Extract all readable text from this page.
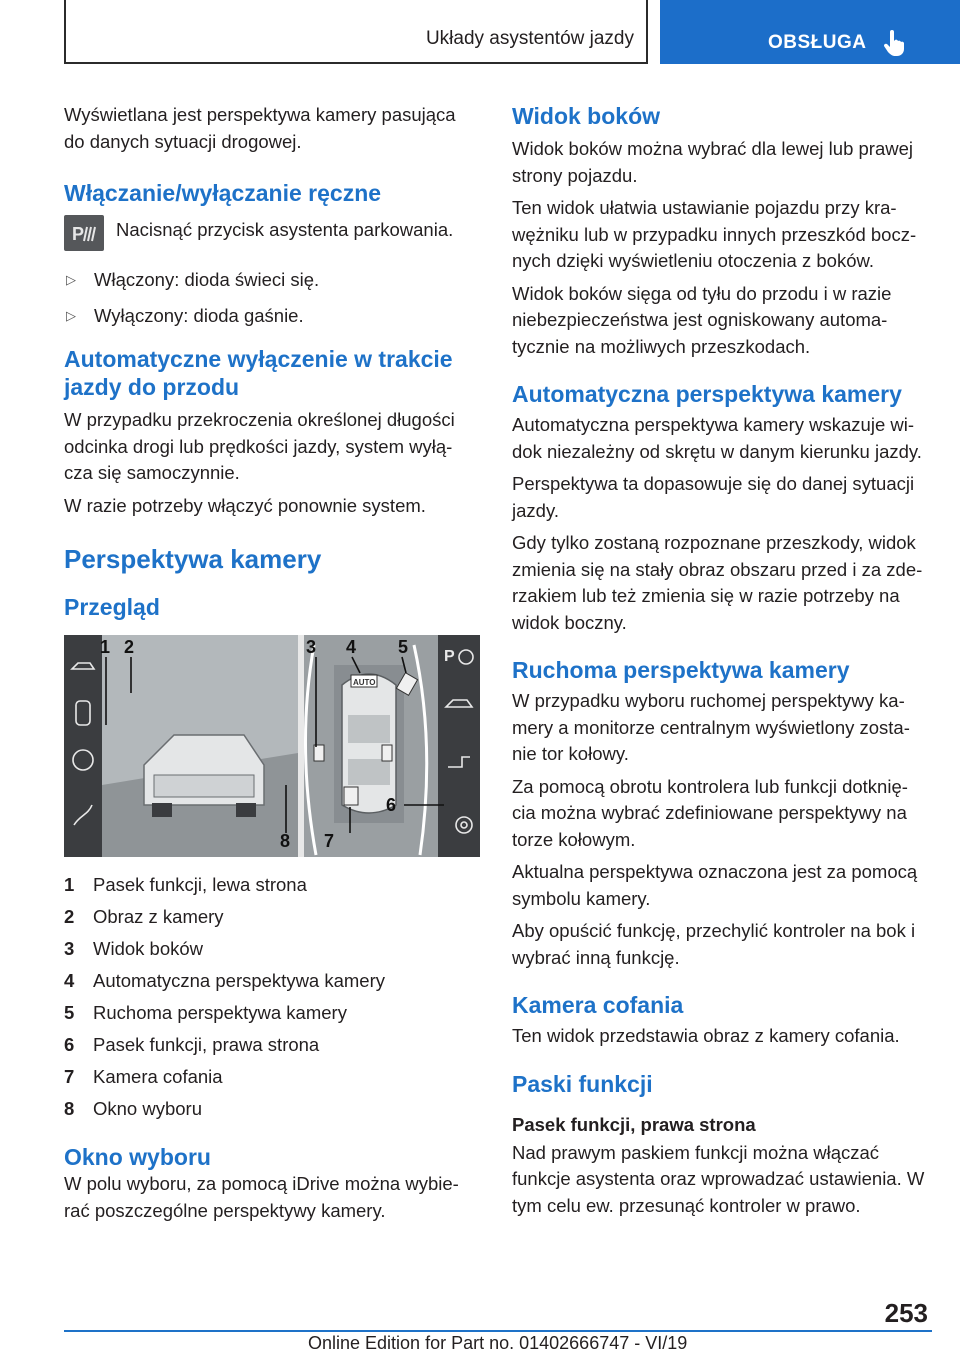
Układy asystentów jazdy	OBSŁUGA

Wyświetlana jest perspektywa kamery pasująca do danych sytuacji drogowej.

Włączanie/wyłączanie ręczne
P Nacisnąć przycisk asystenta parkowania.

▷ Włączony: dioda świeci się.
▷ Wyłączony: dioda gaśnie.
Automatyczne wyłączenie w trakcie jazdy do przodu

W przypadku przekroczenia określonej długości odcinka drogi lub prędkości jazdy, system wyłą-cza się samoczynnie.

W razie potrzeby włączyć ponownie system.

Perspektywa kamery
Przegląd
AUTO
P
1 2	3 4 5
6
7
8
1	Pasek funkcji, lewa strona
2	Obraz z kamery
3	Widok boków
4	Automatyczna perspektywa kamery
5	Ruchoma perspektywa kamery
6	Pasek funkcji, prawa strona
7	Kamera cofania
8	Okno wyboru
Okno wyboru

W polu wyboru, za pomocą iDrive można wybie-rać poszczególne perspektywy kamery.

Widok boków

Widok boków można wybrać dla lewej lub prawej strony pojazdu.

Ten widok ułatwia ustawianie pojazdu przy kra-wężniku lub w przypadku innych przeszkód bocz-nych dzięki wyświetleniu otoczenia z boków.

Widok boków sięga od tyłu do przodu i w razie niebezpieczeństwa jest ogniskowany automa-tycznie na możliwych przeszkodach.

Automatyczna perspektywa kamery

Automatyczna perspektywa kamery wskazuje wi-dok niezależny od skrętu w danym kierunku jazdy.

Perspektywa ta dopasowuje się do danej sytuacji jazdy.

Gdy tylko zostaną rozpoznane przeszkody, widok zmienia się na stały obraz obszaru przed i za zde-rzakiem lub też zmienia się w razie potrzeby na widok boczny.

Ruchoma perspektywa kamery

W przypadku wyboru ruchomej perspektywy ka-mery a monitorze centralnym wyświetlony zosta-nie tor kołowy.

Za pomocą obrotu kontrolera lub funkcji dotknię-cia można wybrać zdefiniowane perspektywy na torze kołowym.

Aktualna perspektywa oznaczona jest za pomocą symbolu kamery.

Aby opuścić funkcję, przechylić kontroler na bok i wybrać inną funkcję.

Kamera cofania

Ten widok przedstawia obraz z kamery cofania.

Paski funkcji
Pasek funkcji, prawa strona

Nad prawym paskiem funkcji można włączać funkcje asystenta oraz wprowadzać ustawienia. W tym celu ew. przesunąć kontroler w prawo.

253
Online Edition for Part no. 01402666747 - VI/19
